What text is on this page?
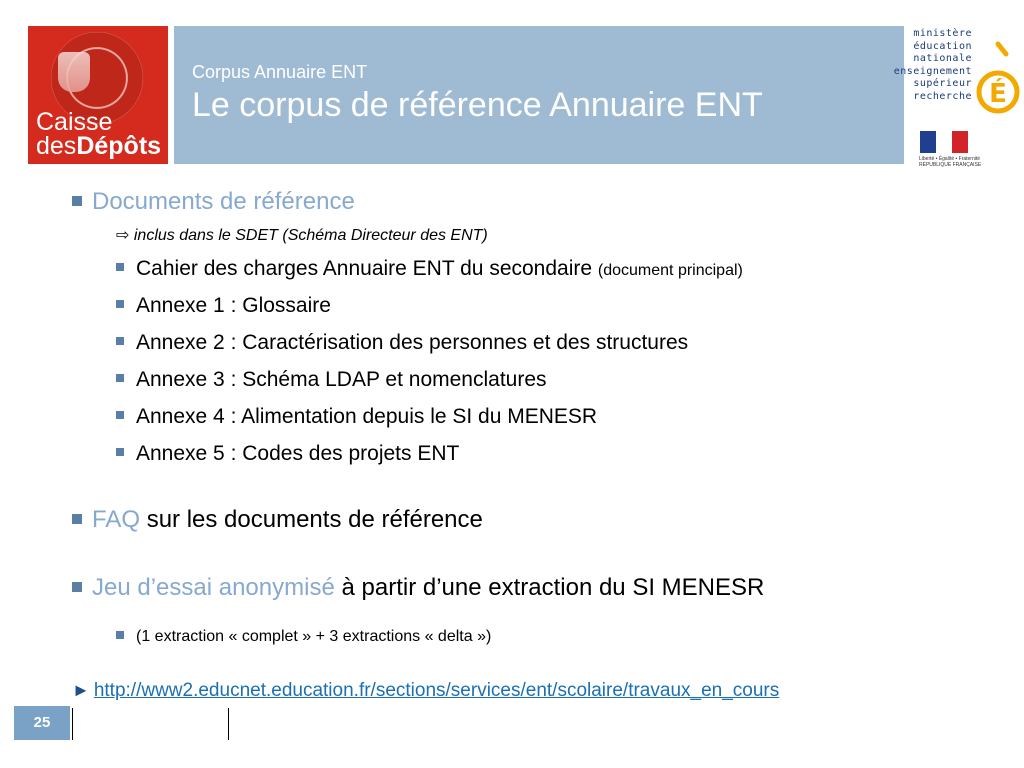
Caisse
desDépôts
Corpus Annuaire ENT
Le corpus de référence Annuaire ENT
ministère
éducation
nationale
enseignement
supérieur
recherche É
Liberté • Égalité • Fraternité
RÉPUBLIQUE FRANÇAISE
Documents de référence
⇨ inclus dans le SDET (Schéma Directeur des ENT)
Cahier des charges Annuaire ENT du secondaire (document principal)
Annexe 1 : Glossaire
Annexe 2 : Caractérisation des personnes et des structures
Annexe 3 : Schéma LDAP et nomenclatures
Annexe 4 : Alimentation depuis le SI du MENESR
Annexe 5 : Codes des projets ENT
FAQ sur les documents de référence
Jeu d’essai anonymisé à partir d’une extraction du SI MENESR
(1 extraction « complet » + 3 extractions « delta »)
► http://www2.educnet.education.fr/sections/services/ent/scolaire/travaux_en_cours
25
